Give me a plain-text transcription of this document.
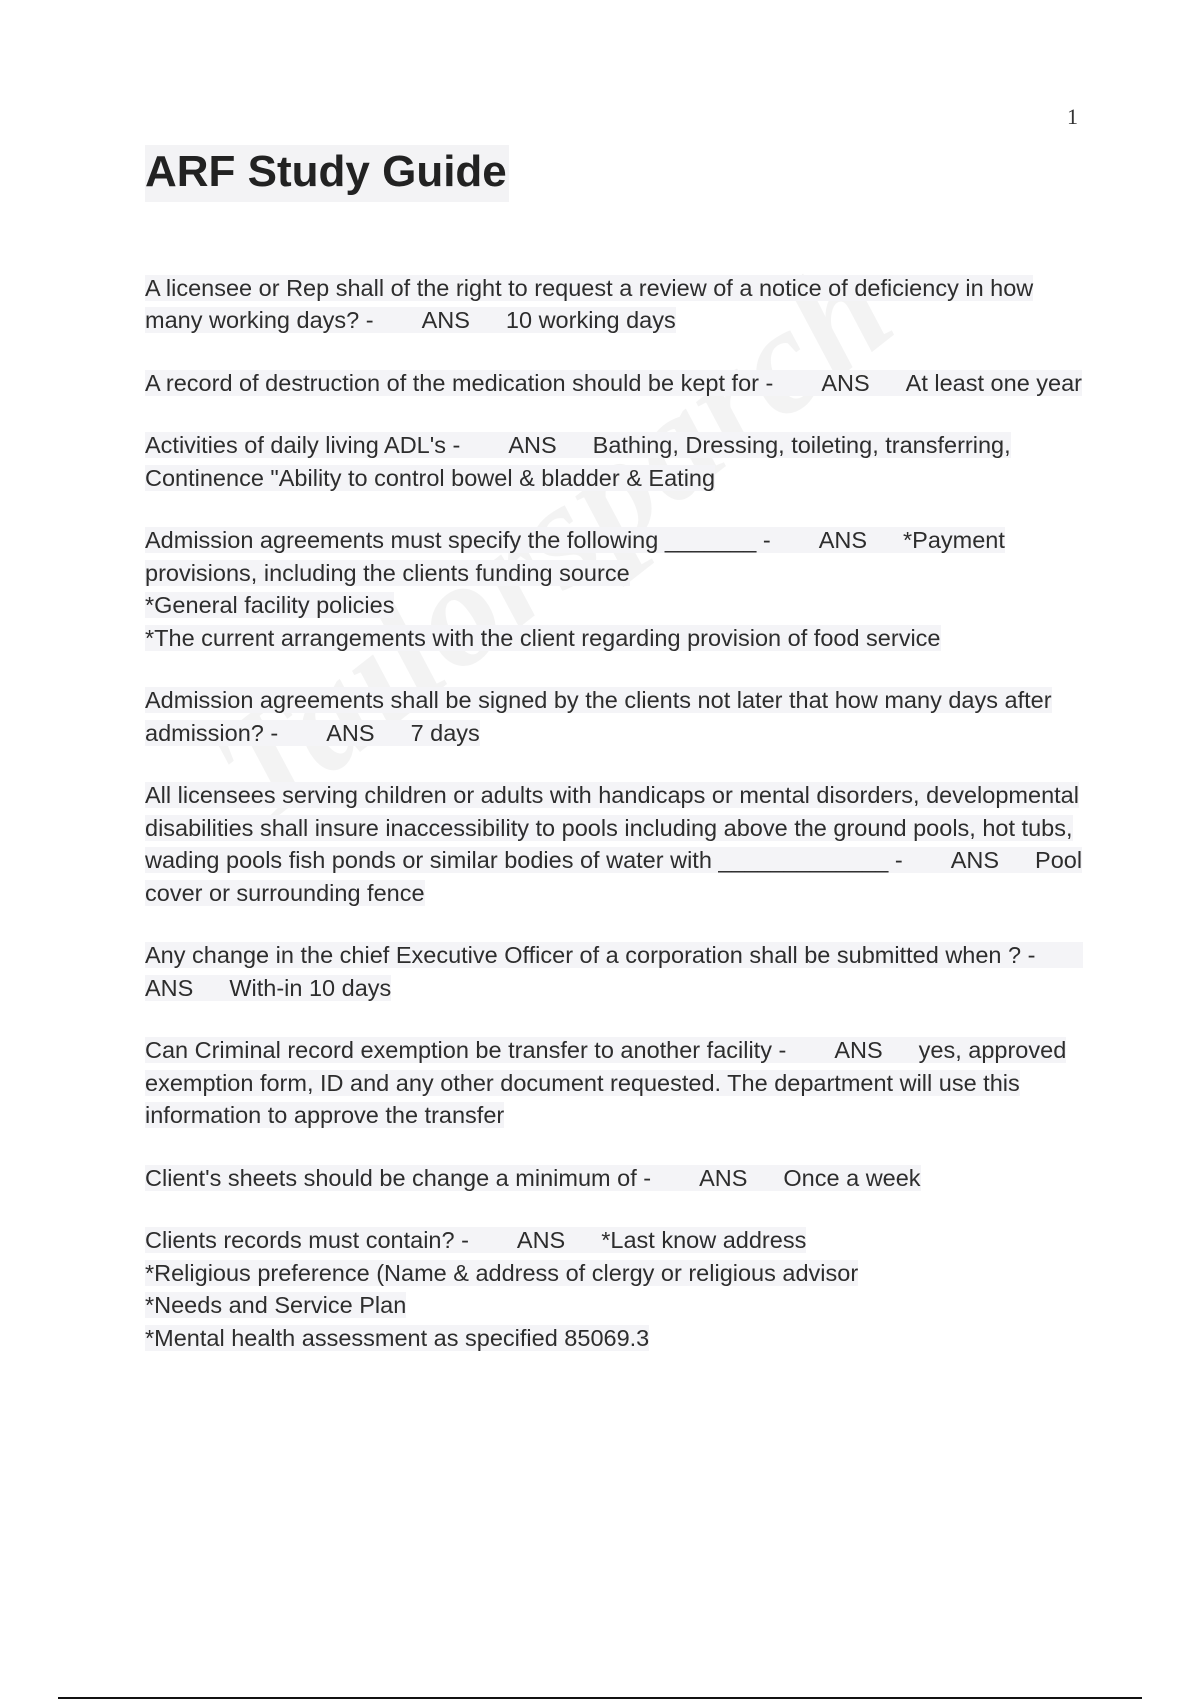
1
ARF Study Guide
A licensee or Rep shall of the right to request a review of a notice of deficiency in how many working days? - ANS 10 working days
A record of destruction of the medication should be kept for - ANS At least one year
Activities of daily living ADL's - ANS Bathing, Dressing, toileting, transferring, Continence "Ability to control bowel & bladder & Eating
Admission agreements must specify the following _______ - ANS *Payment provisions, including the clients funding source
*General facility policies
*The current arrangements with the client regarding provision of food service
Admission agreements shall be signed by the clients not later that how many days after admission? - ANS 7 days
All licensees serving children or adults with handicaps or mental disorders, developmental disabilities shall insure inaccessibility to pools including above the ground pools, hot tubs, wading pools fish ponds or similar bodies of water with _____________ - ANS Pool cover or surrounding fence
Any change in the chief Executive Officer of a corporation shall be submitted when ? -ANS With-in 10 days
Can Criminal record exemption be transfer to another facility - ANS yes, approved exemption form, ID and any other document requested. The department will use this information to approve the transfer
Client's sheets should be change a minimum of - ANS Once a week
Clients records must contain? - ANS *Last know address
*Religious preference (Name & address of clergy or religious advisor
*Needs and Service Plan
*Mental health assessment as specified 85069.3
